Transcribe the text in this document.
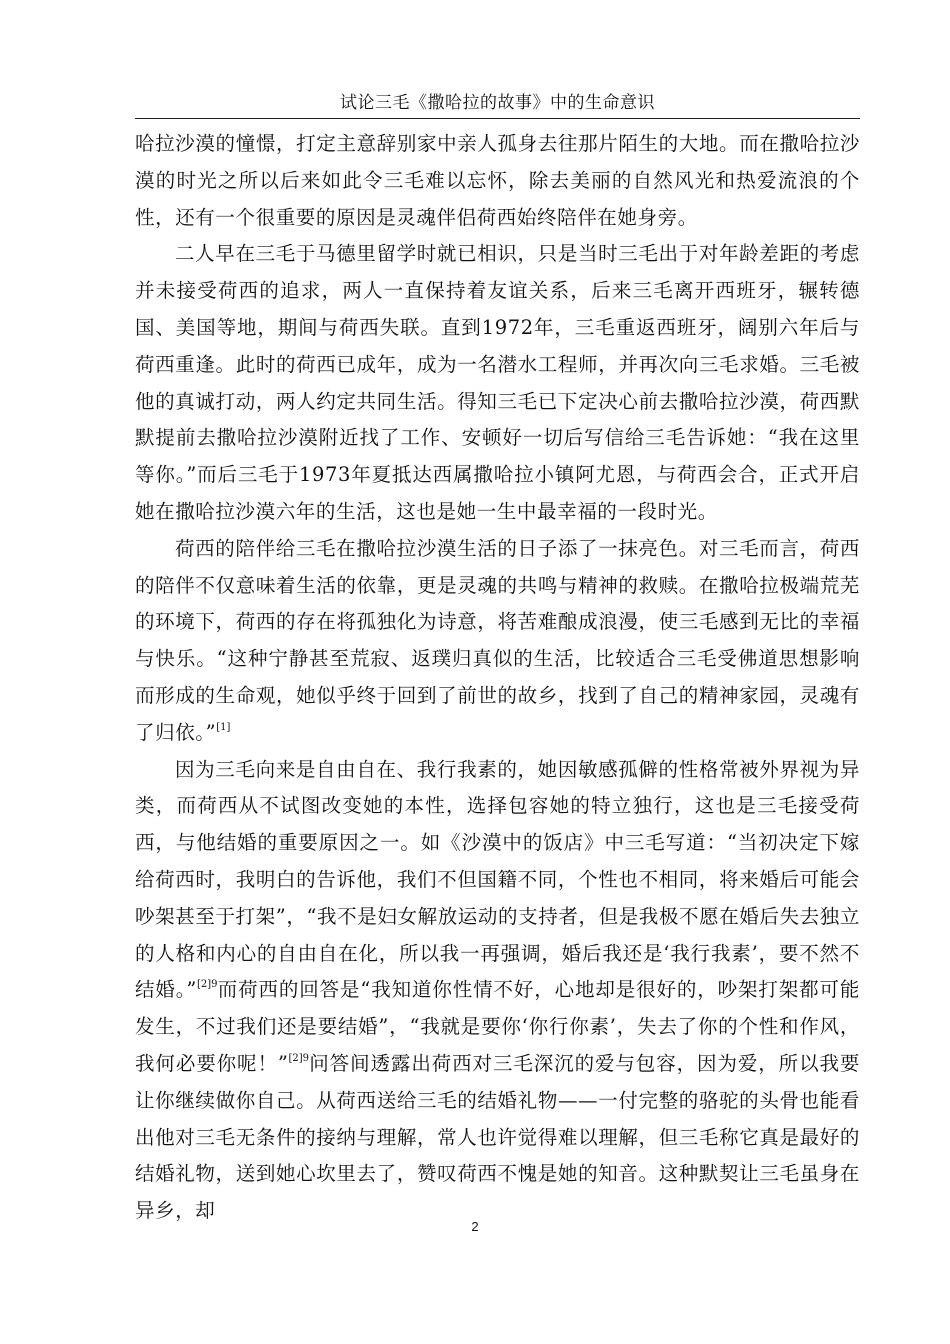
试论三毛《撒哈拉的故事》中的生命意识

哈拉沙漠的憧憬，打定主意辞别家中亲人孤身去往那片陌生的大地。而在撒哈拉沙漠的时光之所以后来如此令三毛难以忘怀，除去美丽的自然风光和热爱流浪的个性，还有一个很重要的原因是灵魂伴侣荷西始终陪伴在她身旁。

二人早在三毛于马德里留学时就已相识，只是当时三毛出于对年龄差距的考虑并未接受荷西的追求，两人一直保持着友谊关系，后来三毛离开西班牙，辗转德国、美国等地，期间与荷西失联。直到1972年，三毛重返西班牙，阔别六年后与荷西重逢。此时的荷西已成年，成为一名潜水工程师，并再次向三毛求婚。三毛被他的真诚打动，两人约定共同生活。得知三毛已下定决心前去撒哈拉沙漠，荷西默默提前去撒哈拉沙漠附近找了工作、安顿好一切后写信给三毛告诉她：“我在这里等你。”而后三毛于1973年夏抵达西属撒哈拉小镇阿尤恩，与荷西会合，正式开启她在撒哈拉沙漠六年的生活，这也是她一生中最幸福的一段时光。

荷西的陪伴给三毛在撒哈拉沙漠生活的日子添了一抹亮色。对三毛而言，荷西的陪伴不仅意味着生活的依靠，更是灵魂的共鸣与精神的救赎。在撒哈拉极端荒芜的环境下，荷西的存在将孤独化为诗意，将苦难酿成浪漫，使三毛感到无比的幸福与快乐。“这种宁静甚至荒寂、返璞归真似的生活，比较适合三毛受佛道思想影响而形成的生命观，她似乎终于回到了前世的故乡，找到了自己的精神家园，灵魂有了归依。”[1]

因为三毛向来是自由自在、我行我素的，她因敏感孤僻的性格常被外界视为异类，而荷西从不试图改变她的本性，选择包容她的特立独行，这也是三毛接受荷西，与他结婚的重要原因之一。如《沙漠中的饭店》中三毛写道：“当初决定下嫁给荷西时，我明白的告诉他，我们不但国籍不同，个性也不相同，将来婚后可能会吵架甚至于打架”，“我不是妇女解放运动的支持者，但是我极不愿在婚后失去独立的人格和内心的自由自在化，所以我一再强调，婚后我还是‘我行我素’，要不然不结婚。”$^{[2]9}$而荷西的回答是“我知道你性情不好，心地却是很好的，吵架打架都可能发生，不过我们还是要结婚”，“我就是要你‘你行你素’，失去了你的个性和作风，我何必要你呢！”$^{[2]9}$问答间透露出荷西对三毛深沉的爱与包容，因为爱，所以我要让你继续做你自己。从荷西送给三毛的结婚礼物——一付完整的骆驼的头骨也能看出他对三毛无条件的接纳与理解，常人也许觉得难以理解，但三毛称它真是最好的结婚礼物，送到她心坎里去了，赞叹荷西不愧是她的知音。这种默契让三毛虽身在异乡，却

2
